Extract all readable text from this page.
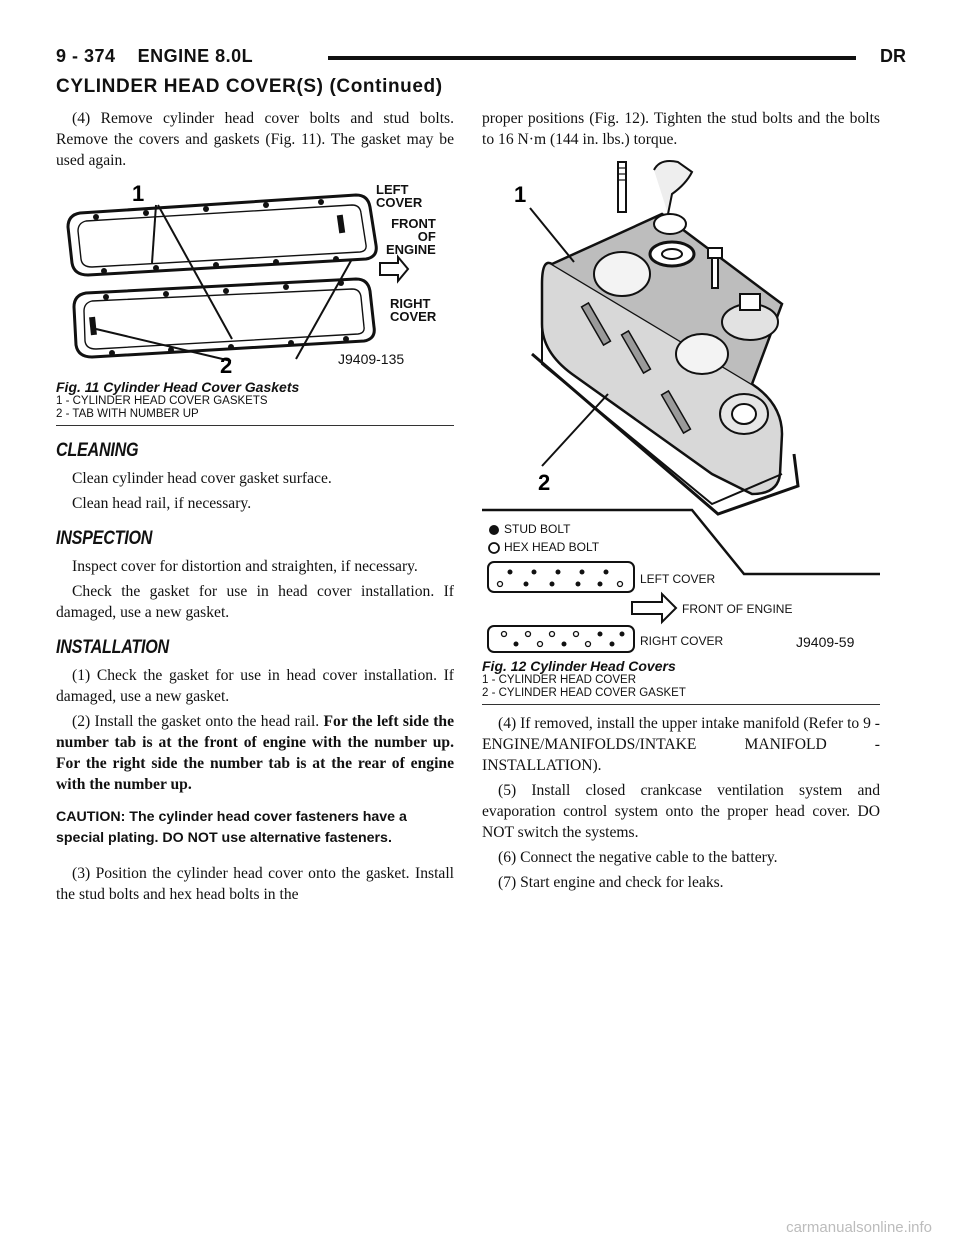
9 - 374 ENGINE 8.0L	DR
CYLINDER HEAD COVER(S) (Continued)

(4) Remove cylinder head cover bolts and stud bolts. Remove the covers and gaskets (Fig. 11). The gasket may be used again.

1
2
LEFT
COVER
FRONT
OF
ENGINE
RIGHT
COVER
J9409-135
Fig. 11 Cylinder Head Cover Gaskets
1 - CYLINDER HEAD COVER GASKETS
2 - TAB WITH NUMBER UP
CLEANING

Clean cylinder head cover gasket surface.

Clean head rail, if necessary.

INSPECTION

Inspect cover for distortion and straighten, if necessary.

Check the gasket for use in head cover installation. If damaged, use a new gasket.

INSTALLATION

(1) Check the gasket for use in head cover installation. If damaged, use a new gasket.

(2) Install the gasket onto the head rail. For the left side the number tab is at the front of engine with the number up. For the right side the number tab is at the rear of engine with the number up.

CAUTION: The cylinder head cover fasteners have a special plating. DO NOT use alternative fasteners.

(3) Position the cylinder head cover onto the gasket. Install the stud bolts and hex head bolts in the

proper positions (Fig. 12). Tighten the stud bolts and the bolts to 16 N·m (144 in. lbs.) torque.

1
2
STUD BOLT
HEX HEAD BOLT
LEFT COVER
FRONT OF ENGINE
RIGHT COVER	J9409-59
Fig. 12 Cylinder Head Covers
1 - CYLINDER HEAD COVER
2 - CYLINDER HEAD COVER GASKET

(4) If removed, install the upper intake manifold (Refer to 9 - ENGINE/MANIFOLDS/INTAKE MANIFOLD - INSTALLATION).

(5) Install closed crankcase ventilation system and evaporation control system onto the proper head cover. DO NOT switch the systems.

(6) Connect the negative cable to the battery.

(7) Start engine and check for leaks.

carmanualsonline.info
